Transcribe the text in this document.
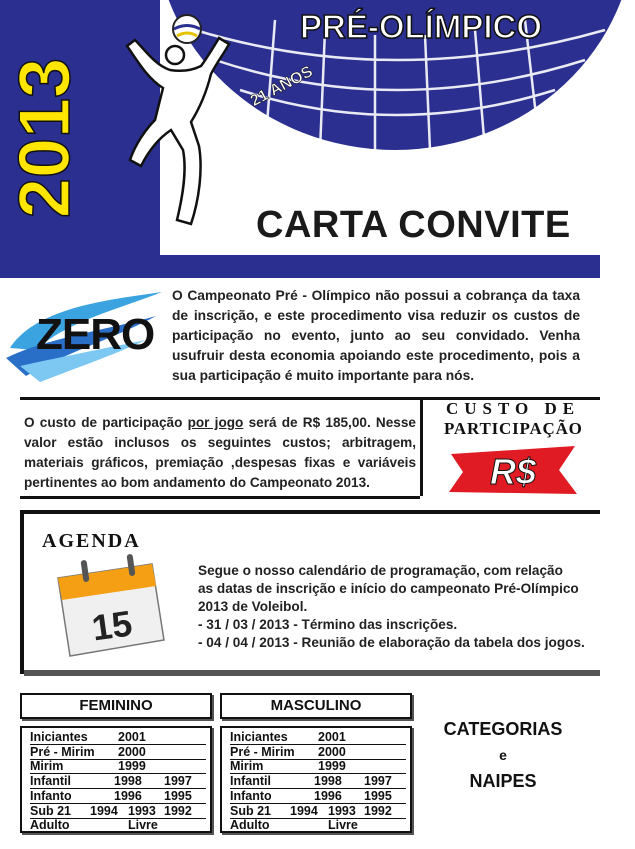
2013
PRÉ-OLÍMPICO
21 ANOS
CARTA CONVITE
ZERO
O Campeonato Pré - Olímpico não possui a cobrança da taxa de inscrição, e este procedimento visa reduzir os custos de participação no evento, junto ao seu convidado. Venha usufruir desta economia apoiando este procedimento, pois a sua participação é muito importante para nós.
O custo de participação por jogo será de R$ 185,00. Nesse valor estão inclusos os seguintes custos; arbitragem, materiais gráficos, premiação ,despesas fixas e variáveis pertinentes ao bom andamento do Campeonato 2013.
CUSTO DE
PARTICIPAÇÃO
R$
AGENDA
15
Segue o nosso calendário de programação, com relação
as datas de inscrição e início do campeonato Pré-Olímpico
2013 de Voleibol.
- 31 / 03 / 2013 - Término das inscrições.
- 04 / 04 / 2013 - Reunião de elaboração da tabela dos jogos.
FEMININO	MASCULINO
Iniciantes 2001
Pré - Mirim 2000
Mirim	1999
Infantil	1998 1997
Infanto	1996 1995
Sub 21 1994 1993 1992
Adulto	Livre
Iniciantes 2001
Pré - Mirim 2000
Mirim	1999
Infantil	1998 1997
Infanto	1996 1995
Sub 21 1994 1993 1992
Adulto	Livre
CATEGORIAS
e
NAIPES
